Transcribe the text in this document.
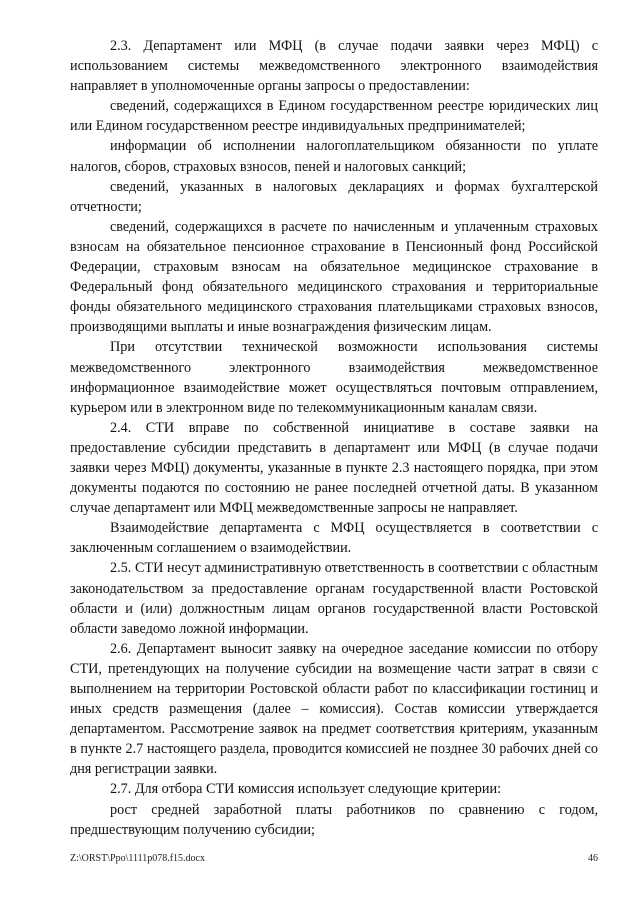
2.3. Департамент или МФЦ (в случае подачи заявки через МФЦ) с использованием системы межведомственного электронного взаимодействия направляет в уполномоченные органы запросы о предоставлении:

сведений, содержащихся в Едином государственном реестре юридических лиц или Едином государственном реестре индивидуальных предпринимателей;

информации об исполнении налогоплательщиком обязанности по уплате налогов, сборов, страховых взносов, пеней и налоговых санкций;

сведений, указанных в налоговых декларациях и формах бухгалтерской отчетности;

сведений, содержащихся в расчете по начисленным и уплаченным страховых взносам на обязательное пенсионное страхование в Пенсионный фонд Российской Федерации, страховым взносам на обязательное медицинское страхование в Федеральный фонд обязательного медицинского страхования и территориальные фонды обязательного медицинского страхования плательщиками страховых взносов, производящими выплаты и иные вознаграждения физическим лицам.

При отсутствии технической возможности использования системы межведомственного электронного взаимодействия межведомственное информационное взаимодействие может осуществляться почтовым отправлением, курьером или в электронном виде по телекоммуникационным каналам связи.

2.4. СТИ вправе по собственной инициативе в составе заявки на предоставление субсидии представить в департамент или МФЦ (в случае подачи заявки через МФЦ) документы, указанные в пункте 2.3 настоящего порядка, при этом документы подаются по состоянию не ранее последней отчетной даты. В указанном случае департамент или МФЦ межведомственные запросы не направляет.

Взаимодействие департамента с МФЦ осуществляется в соответствии с заключенным соглашением о взаимодействии.

2.5. СТИ несут административную ответственность в соответствии с областным законодательством за предоставление органам государственной власти Ростовской области и (или) должностным лицам органов государственной власти Ростовской области заведомо ложной информации.

2.6. Департамент выносит заявку на очередное заседание комиссии по отбору СТИ, претендующих на получение субсидии на возмещение части затрат в связи с выполнением на территории Ростовской области работ по классификации гостиниц и иных средств размещения (далее – комиссия). Состав комиссии утверждается департаментом. Рассмотрение заявок на предмет соответствия критериям, указанным в пункте 2.7 настоящего раздела, проводится комиссией не позднее 30 рабочих дней со дня регистрации заявки.

2.7. Для отбора СТИ комиссия использует следующие критерии:

рост средней заработной платы работников по сравнению с годом, предшествующим получению субсидии;

Z:\ORST\Ppo\1111p078.f15.docx	46
